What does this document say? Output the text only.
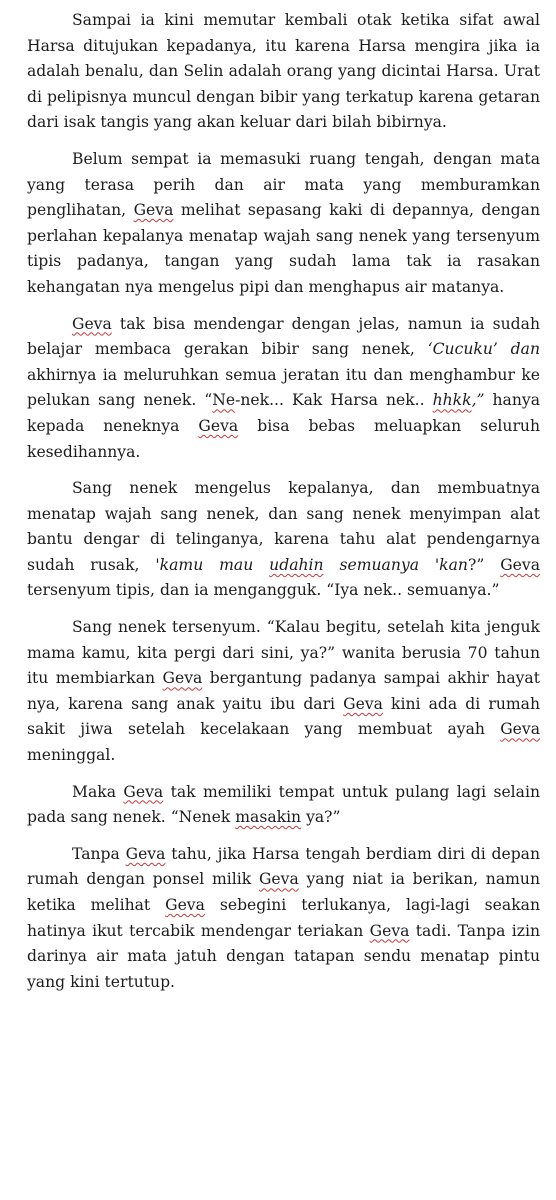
Sampai ia kini memutar kembali otak ketika sifat awal Harsa ditujukan kepadanya, itu karena Harsa mengira jika ia adalah benalu, dan Selin adalah orang yang dicintai Harsa. Urat di pelipisnya muncul dengan bibir yang terkatup karena getaran dari isak tangis yang akan keluar dari bilah bibirnya.

Belum sempat ia memasuki ruang tengah, dengan mata yang terasa perih dan air mata yang memburamkan penglihatan, Geva melihat sepasang kaki di depannya, dengan perlahan kepalanya menatap wajah sang nenek yang tersenyum tipis padanya, tangan yang sudah lama tak ia rasakan kehangatan nya mengelus pipi dan menghapus air matanya.

Geva tak bisa mendengar dengan jelas, namun ia sudah belajar membaca gerakan bibir sang nenek, ‘Cucuku’ dan akhirnya ia meluruhkan semua jeratan itu dan menghambur ke pelukan sang nenek. “Ne-nek... Kak Harsa nek.. hhkk,” hanya kepada neneknya Geva bisa bebas meluapkan seluruh kesedihannya.

Sang nenek mengelus kepalanya, dan membuatnya menatap wajah sang nenek, dan sang nenek menyimpan alat bantu dengar di telinganya, karena tahu alat pendengarnya sudah rusak, 'kamu mau udahin semuanya 'kan?” Geva tersenyum tipis, dan ia mengangguk. “Iya nek.. semuanya.”

Sang nenek tersenyum. “Kalau begitu, setelah kita jenguk mama kamu, kita pergi dari sini, ya?” wanita berusia 70 tahun itu membiarkan Geva bergantung padanya sampai akhir hayat nya, karena sang anak yaitu ibu dari Geva kini ada di rumah sakit jiwa setelah kecelakaan yang membuat ayah Geva meninggal.

Maka Geva tak memiliki tempat untuk pulang lagi selain pada sang nenek. “Nenek masakin ya?”

Tanpa Geva tahu, jika Harsa tengah berdiam diri di depan rumah dengan ponsel milik Geva yang niat ia berikan, namun ketika melihat Geva sebegini terlukanya, lagi-lagi seakan hatinya ikut tercabik mendengar teriakan Geva tadi. Tanpa izin darinya air mata jatuh dengan tatapan sendu menatap pintu yang kini tertutup.
